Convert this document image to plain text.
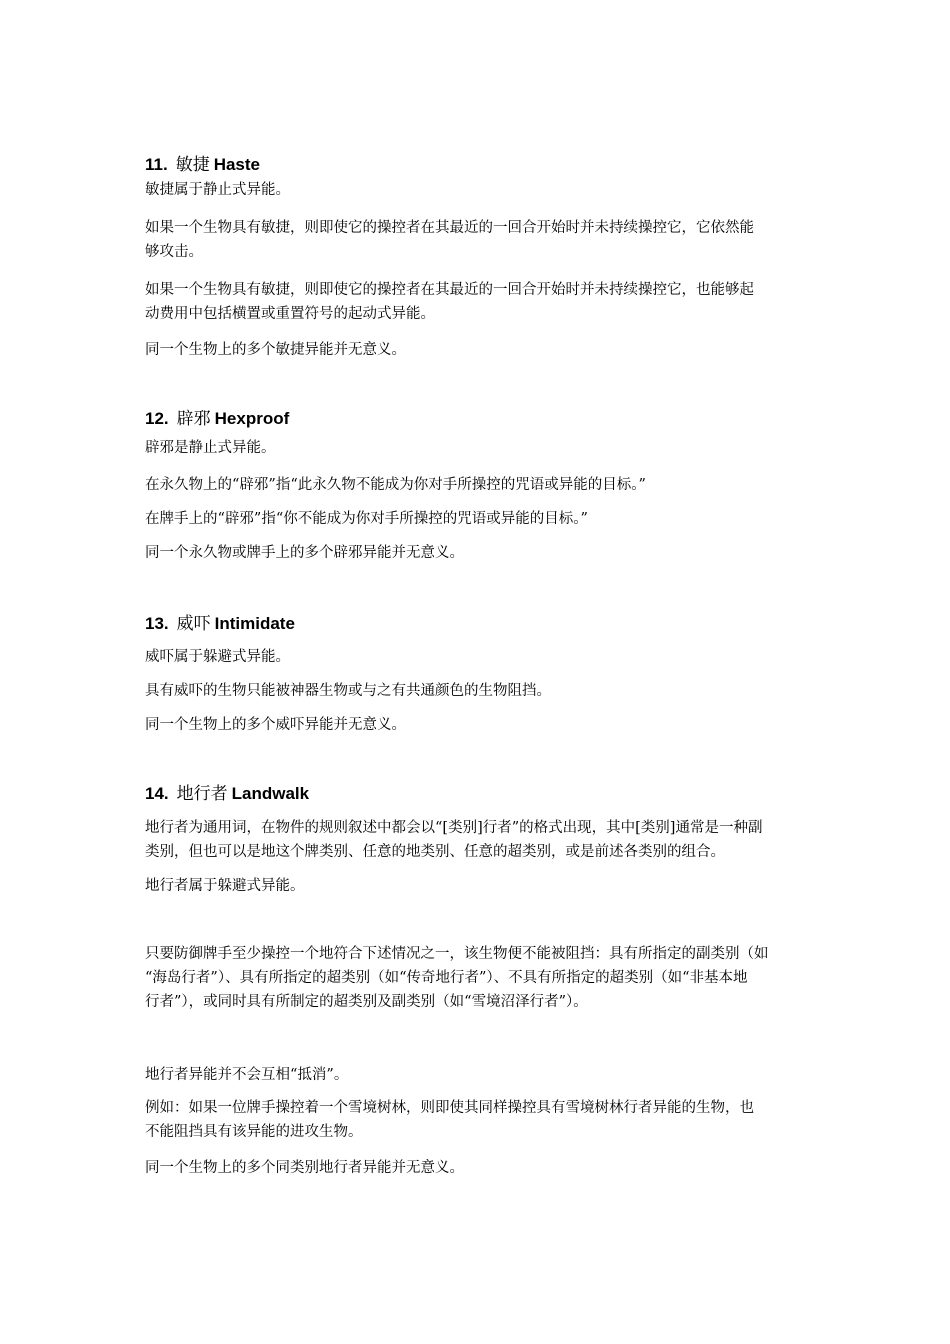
11. 敏捷 Haste
敏捷属于静止式异能。
如果一个生物具有敏捷，则即使它的操控者在其最近的一回合开始时并未持续操控它，它依然能
够攻击。
如果一个生物具有敏捷，则即使它的操控者在其最近的一回合开始时并未持续操控它，也能够起
动费用中包括横置或重置符号的起动式异能。
同一个生物上的多个敏捷异能并无意义。
12. 辟邪 Hexproof
辟邪是静止式异能。
在永久物上的“辟邪”指“此永久物不能成为你对手所操控的咒语或异能的目标。”
在牌手上的“辟邪”指“你不能成为你对手所操控的咒语或异能的目标。”
同一个永久物或牌手上的多个辟邪异能并无意义。
13. 威吓 Intimidate
威吓属于躲避式异能。
具有威吓的生物只能被神器生物或与之有共通颜色的生物阻挡。
同一个生物上的多个威吓异能并无意义。
14. 地行者 Landwalk
地行者为通用词，在物件的规则叙述中都会以“[类别]行者”的格式出现，其中[类别]通常是一种副
类别，但也可以是地这个牌类别、任意的地类别、任意的超类别，或是前述各类别的组合。
地行者属于躲避式异能。
只要防御牌手至少操控一个地符合下述情况之一，该生物便不能被阻挡：具有所指定的副类别（如
“海岛行者”）、具有所指定的超类别（如“传奇地行者”）、不具有所指定的超类别（如“非基本地
行者”），或同时具有所制定的超类别及副类别（如“雪境沼泽行者”）。
地行者异能并不会互相“抵消”。
例如：如果一位牌手操控着一个雪境树林，则即使其同样操控具有雪境树林行者异能的生物，也
不能阻挡具有该异能的进攻生物。
同一个生物上的多个同类别地行者异能并无意义。
